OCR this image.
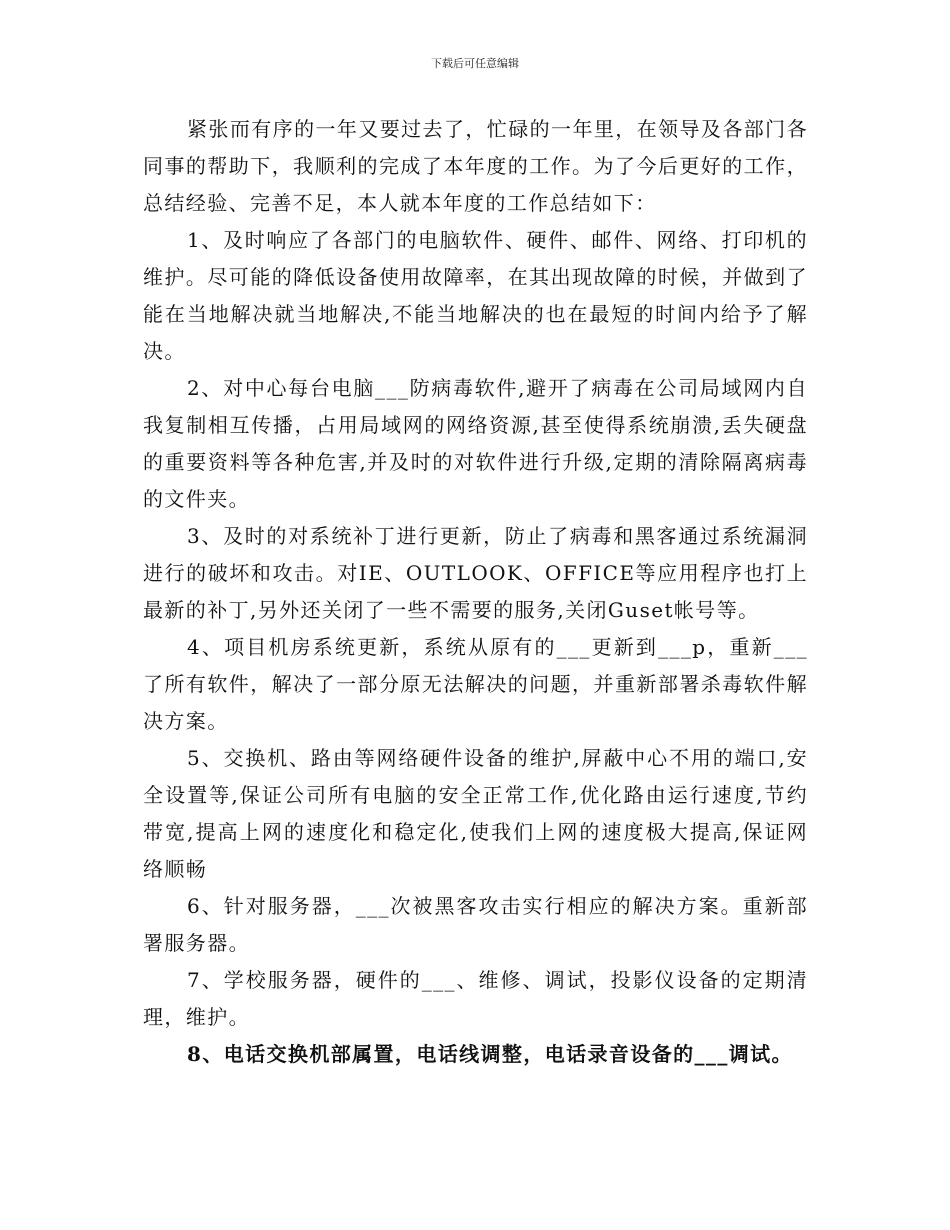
下载后可任意编辑

紧张而有序的一年又要过去了，忙碌的一年里，在领导及各部门各同事的帮助下，我顺利的完成了本年度的工作。为了今后更好的工作，总结经验、完善不足，本人就本年度的工作总结如下：

1、及时响应了各部门的电脑软件、硬件、邮件、网络、打印机的维护。尽可能的降低设备使用故障率，在其出现故障的时候，并做到了能在当地解决就当地解决,不能当地解决的也在最短的时间内给予了解决。

2、对中心每台电脑___防病毒软件,避开了病毒在公司局域网内自我复制相互传播，占用局域网的网络资源,甚至使得系统崩溃,丢失硬盘的重要资料等各种危害,并及时的对软件进行升级,定期的清除隔离病毒的文件夹。

3、及时的对系统补丁进行更新，防止了病毒和黑客通过系统漏洞进行的破坏和攻击。对IE、OUTLOOK、OFFICE等应用程序也打上最新的补丁,另外还关闭了一些不需要的服务,关闭Guset帐号等。

4、项目机房系统更新，系统从原有的___更新到___p，重新___了所有软件，解决了一部分原无法解决的问题，并重新部署杀毒软件解决方案。

5、交换机、路由等网络硬件设备的维护,屏蔽中心不用的端口,安全设置等,保证公司所有电脑的安全正常工作,优化路由运行速度,节约带宽,提高上网的速度化和稳定化,使我们上网的速度极大提高,保证网络顺畅

6、针对服务器，___次被黑客攻击实行相应的解决方案。重新部署服务器。

7、学校服务器，硬件的___、维修、调试，投影仪设备的定期清理，维护。

8、电话交换机部属置，电话线调整，电话录音设备的___调试。
